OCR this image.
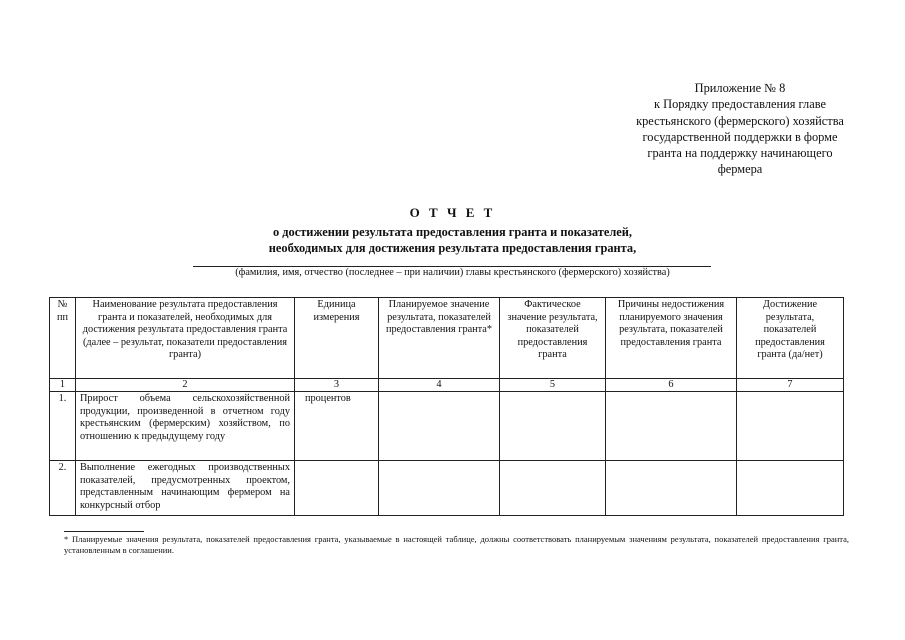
Приложение № 8
к Порядку предоставления главе
крестьянского (фермерского) хозяйства
государственной поддержки в форме
гранта на поддержку начинающего
фермера
О Т Ч Е Т
о достижении результата предоставления гранта и показателей,
необходимых для достижения результата предоставления гранта,
(фамилия, имя, отчество (последнее – при наличии) главы крестьянского (фермерского) хозяйства)
№ пп	Наименование результата предоставления гранта и показателей, необходимых для достижения результата предоставления гранта (далее – результат, показатели предоставления гранта)	Единица измерения	Планируемое значение результата, показателей предоставления гранта*	Фактическое значение результата, показателей предоставления гранта	Причины недостижения планируемого значения результата, показателей предоставления гранта	Достижение результата, показателей предоставления гранта (да/нет)
1	2	3	4	5	6	7
1.	Прирост объема сельскохозяйственной продукции, произведенной в отчетном году крестьянским (фермерским) хозяйством, по отношению к предыдущему году	процентов				
2.	Выполнение ежегодных производственных показателей, предусмотренных проектом, представленным начинающим фермером на конкурсный отбор					
* Планируемые значения результата, показателей предоставления гранта, указываемые в настоящей таблице, должны соответствовать планируемым значениям результата, показателей предоставления гранта, установленным в соглашении.
